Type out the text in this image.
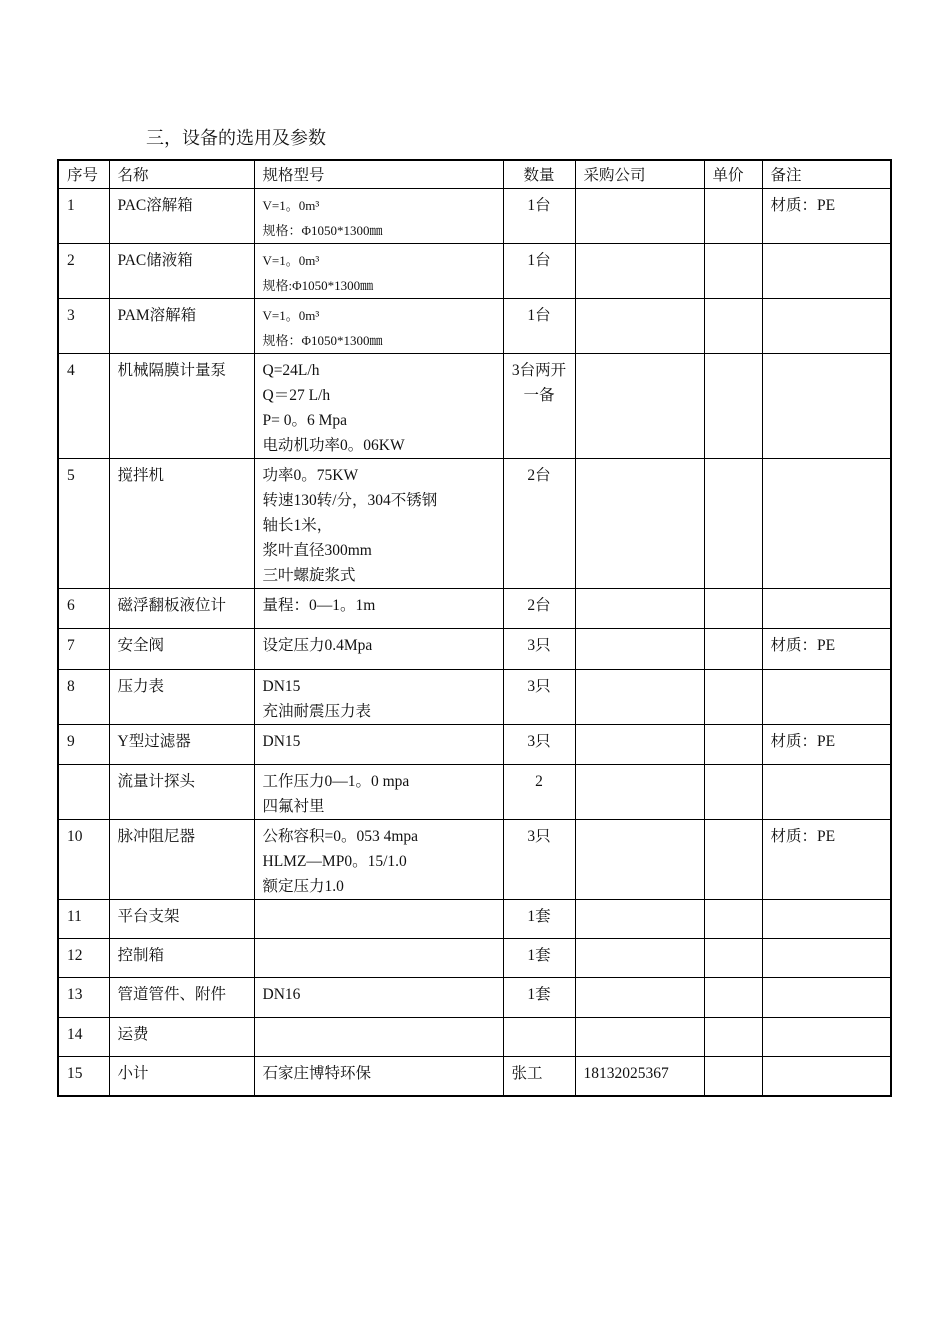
三，设备的选用及参数
序号	名称	规格型号	数量	采购公司	单价	备注
1	PAC溶解箱	V=1。0m³
规格：Φ1050*1300㎜	1台			材质：PE
2	PAC储液箱	V=1。0m³
规格:Φ1050*1300㎜	1台			
3	PAM溶解箱	V=1。0m³
规格：Φ1050*1300㎜	1台			
4	机械隔膜计量泵	Q=24L/h
Q＝27 L/h
P= 0。6 Mpa
电动机功率0。06KW	3台两开一备			
5	搅拌机	功率0。75KW
转速130转/分，304不锈钢
轴长1米，
浆叶直径300mm
三叶螺旋浆式	2台			
6	磁浮翻板液位计	量程：0—1。1m	2台			
7	安全阀	设定压力0.4Mpa	3只			材质：PE
8	压力表	DN15
充油耐震压力表	3只			
9	Y型过滤器	DN15	3只			材质：PE
	流量计探头	工作压力0—1。0 mpa
四氟衬里	2			
10	脉冲阻尼器	公称容积=0。053 4mpa
HLMZ—MP0。15/1.0
额定压力1.0	3只			材质：PE
11	平台支架		1套			
12	控制箱		1套			
13	管道管件、附件	DN16	1套			
14	运费					
15	小计	石家庄博特环保	张工	18132025367		
